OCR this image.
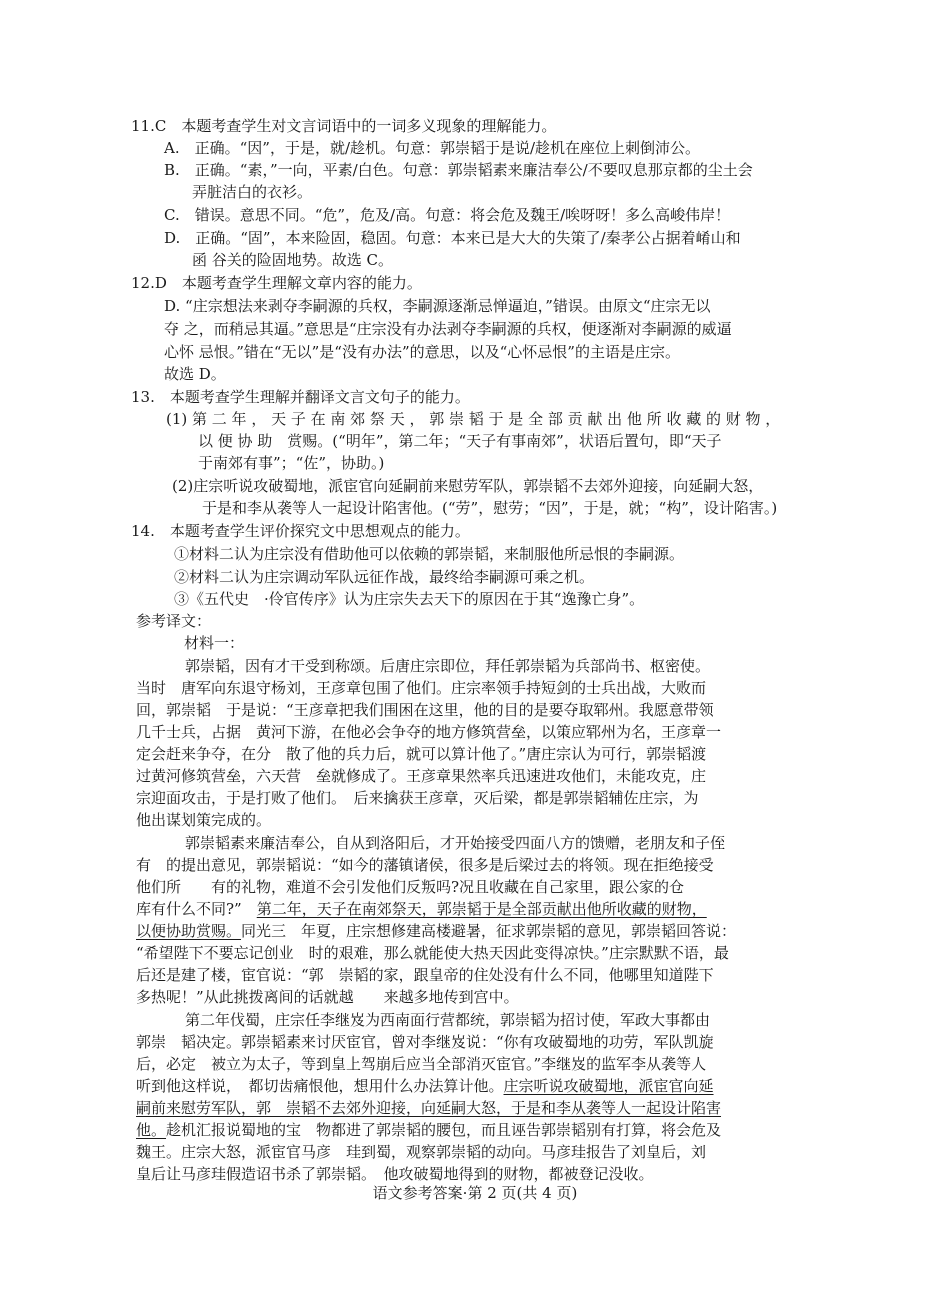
11.C　本题考查学生对文言词语中的一词多义现象的理解能力。
A.　正确。“因”，于是，就/趁机。句意：郭崇韬于是说/趁机在座位上刺倒沛公。
B.　正确。“素，”一向，平素/白色。句意：郭崇韬素来廉洁奉公/不要叹息那京都的尘土会
弄脏洁白的衣衫。
C.　错误。意思不同。“危”，危及/高。句意：将会危及魏王/唉呀呀！多么高峻伟岸！
D.　正确。“固”，本来险固，稳固。句意：本来已是大大的失策了/秦孝公占据着崤山和
函 谷关的险固地势。故选 C。
12.D　本题考查学生理解文章内容的能力。
D. “庄宗想法来剥夺李嗣源的兵权，李嗣源逐渐忌惮逼迫，”错误。由原文“庄宗无以
夺 之，而稍忌其逼。”意思是“庄宗没有办法剥夺李嗣源的兵权，便逐渐对李嗣源的威逼
心怀 忌恨。”错在“无以”是“没有办法”的意思，以及“心怀忌恨”的主语是庄宗。
故选 D。
13.　本题考查学生理解并翻译文言文句子的能力。
(1) 第 二 年 ， 天 子 在 南 郊 祭 天 ， 郭 崇 韬 于 是 全 部 贡 献 出 他 所 收 藏 的 财 物 ，
以 便 协 助　赏赐。(“明年”，第二年；“天子有事南郊”，状语后置句，即“天子
于南郊有事”；“佐”，协助。)
(2)庄宗听说攻破蜀地，派宦官向延嗣前来慰劳军队，郭崇韬不去郊外迎接，向延嗣大怒，
于是和李从袭等人一起设计陷害他。(“劳”，慰劳；“因”，于是，就；“构”，设计陷害。)
14.　本题考查学生评价探究文中思想观点的能力。
①材料二认为庄宗没有借助他可以依赖的郭崇韬，来制服他所忌恨的李嗣源。
②材料二认为庄宗调动军队远征作战，最终给李嗣源可乘之机。
③《五代史　·伶官传序》认为庄宗失去天下的原因在于其“逸豫亡身”。
参考译文：
材料一：
郭崇韬，因有才干受到称颂。后唐庄宗即位，拜任郭崇韬为兵部尚书、枢密使。
当时　唐军向东退守杨刘，王彦章包围了他们。庄宗率领手持短剑的士兵出战，大败而
回，郭崇韬　于是说：“王彦章把我们围困在这里，他的目的是要夺取郓州。我愿意带领
几千士兵，占据　黄河下游，在他必会争夺的地方修筑营垒，以策应郓州为名，王彦章一
定会赶来争夺，在分　散了他的兵力后，就可以算计他了。”唐庄宗认为可行，郭崇韬渡
过黄河修筑营垒，六天营　垒就修成了。王彦章果然率兵迅速进攻他们，未能攻克，庄
宗迎面攻击，于是打败了他们。　后来擒获王彦章，灭后梁，都是郭崇韬辅佐庄宗，为
他出谋划策完成的。
郭崇韬素来廉洁奉公，自从到洛阳后，才开始接受四面八方的馈赠，老朋友和子侄
有　的提出意见，郭崇韬说：“如今的藩镇诸侯，很多是后梁过去的将领。现在拒绝接受
他们所　　有的礼物，难道不会引发他们反叛吗?况且收藏在自己家里，跟公家的仓
库有什么不同?”　第二年，天子在南郊祭天，郭崇韬于是全部贡献出他所收藏的财物，
以便协助赏赐。同光三　年夏，庄宗想修建高楼避暑，征求郭崇韬的意见，郭崇韬回答说：
“希望陛下不要忘记创业　时的艰难，那么就能使大热天因此变得凉快。”庄宗默默不语，最
后还是建了楼，宦官说：“郭　崇韬的家，跟皇帝的住处没有什么不同，他哪里知道陛下
多热呢！”从此挑拨离间的话就越　　来越多地传到宫中。
第二年伐蜀，庄宗任李继岌为西南面行营都统，郭崇韬为招讨使，军政大事都由
郭崇　韬决定。郭崇韬素来讨厌宦官，曾对李继岌说：“你有攻破蜀地的功劳，军队凯旋
后，必定　被立为太子，等到皇上驾崩后应当全部消灭宦官。”李继岌的监军李从袭等人
听到他这样说，　都切齿痛恨他，想用什么办法算计他。庄宗听说攻破蜀地，派宦官向延
嗣前来慰劳军队，郭　崇韬不去郊外迎接，向延嗣大怒，于是和李从袭等人一起设计陷害
他。趁机汇报说蜀地的宝　物都进了郭崇韬的腰包，而且诬告郭崇韬别有打算，将会危及
魏王。庄宗大怒，派宦官马彦　珪到蜀，观察郭崇韬的动向。马彦珪报告了刘皇后，刘
皇后让马彦珪假造诏书杀了郭崇韬。　他攻破蜀地得到的财物，都被登记没收。
语文参考答案·第 2 页(共 4 页)
